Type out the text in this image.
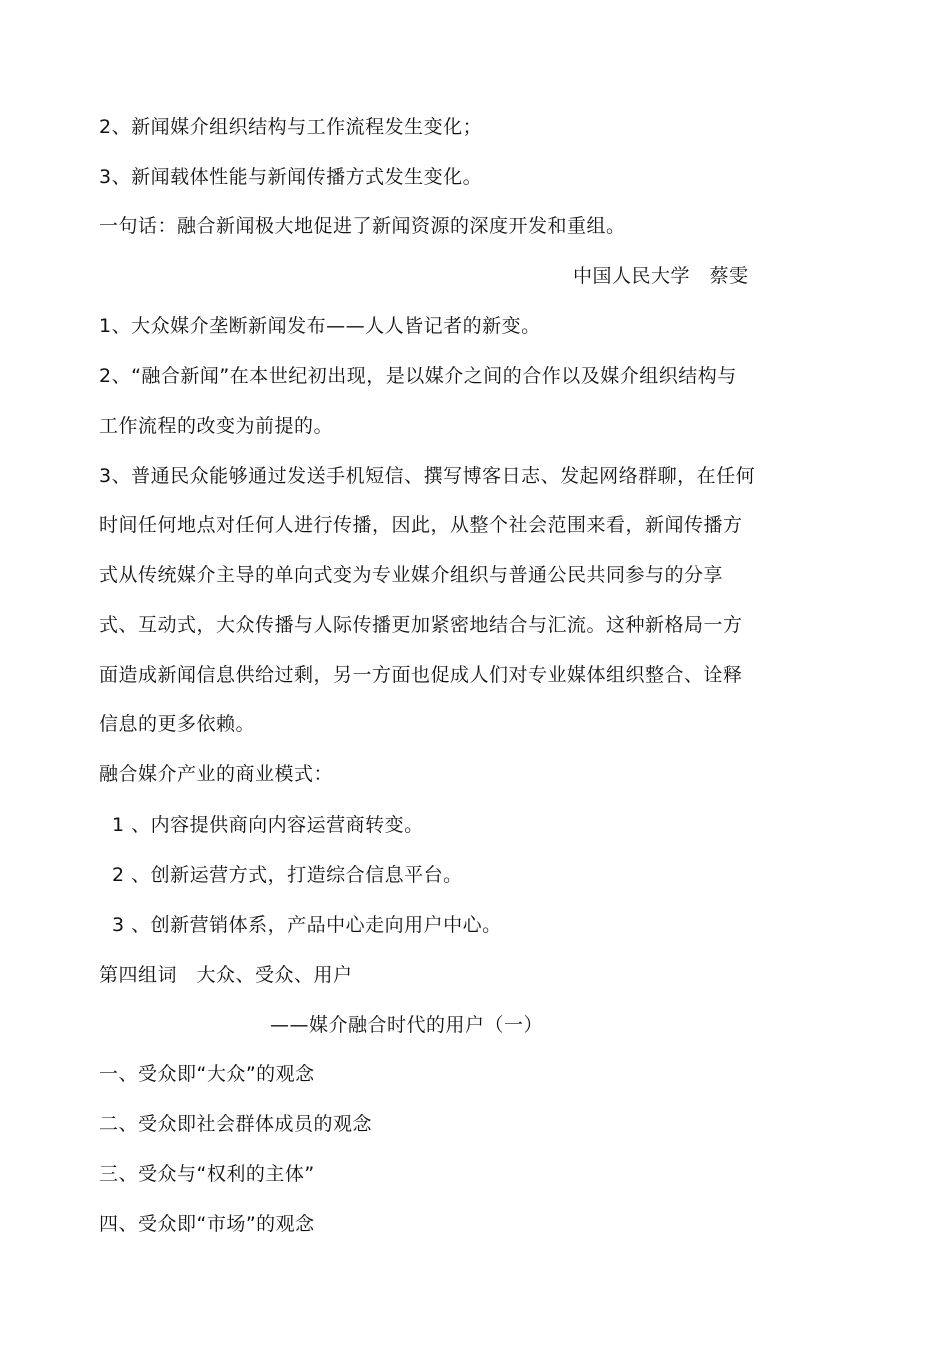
2、新闻媒介组织结构与工作流程发生变化；
3、新闻载体性能与新闻传播方式发生变化。
一句话：融合新闻极大地促进了新闻资源的深度开发和重组。
中国人民大学　蔡雯
1、大众媒介垄断新闻发布——人人皆记者的新变。
2、“融合新闻”在本世纪初出现，是以媒介之间的合作以及媒介组织结构与
工作流程的改变为前提的。
3、普通民众能够通过发送手机短信、撰写博客日志、发起网络群聊，在任何
时间任何地点对任何人进行传播，因此，从整个社会范围来看，新闻传播方
式从传统媒介主导的单向式变为专业媒介组织与普通公民共同参与的分享
式、互动式，大众传播与人际传播更加紧密地结合与汇流。这种新格局一方
面造成新闻信息供给过剩，另一方面也促成人们对专业媒体组织整合、诠释
信息的更多依赖。
融合媒介产业的商业模式：
1 、内容提供商向内容运营商转变。
2 、创新运营方式，打造综合信息平台。
3 、创新营销体系，产品中心走向用户中心。
第四组词　大众、受众、用户
——媒介融合时代的用户（一）
一、受众即“大众”的观念
二、受众即社会群体成员的观念
三、受众与“权利的主体”
四、受众即“市场”的观念
